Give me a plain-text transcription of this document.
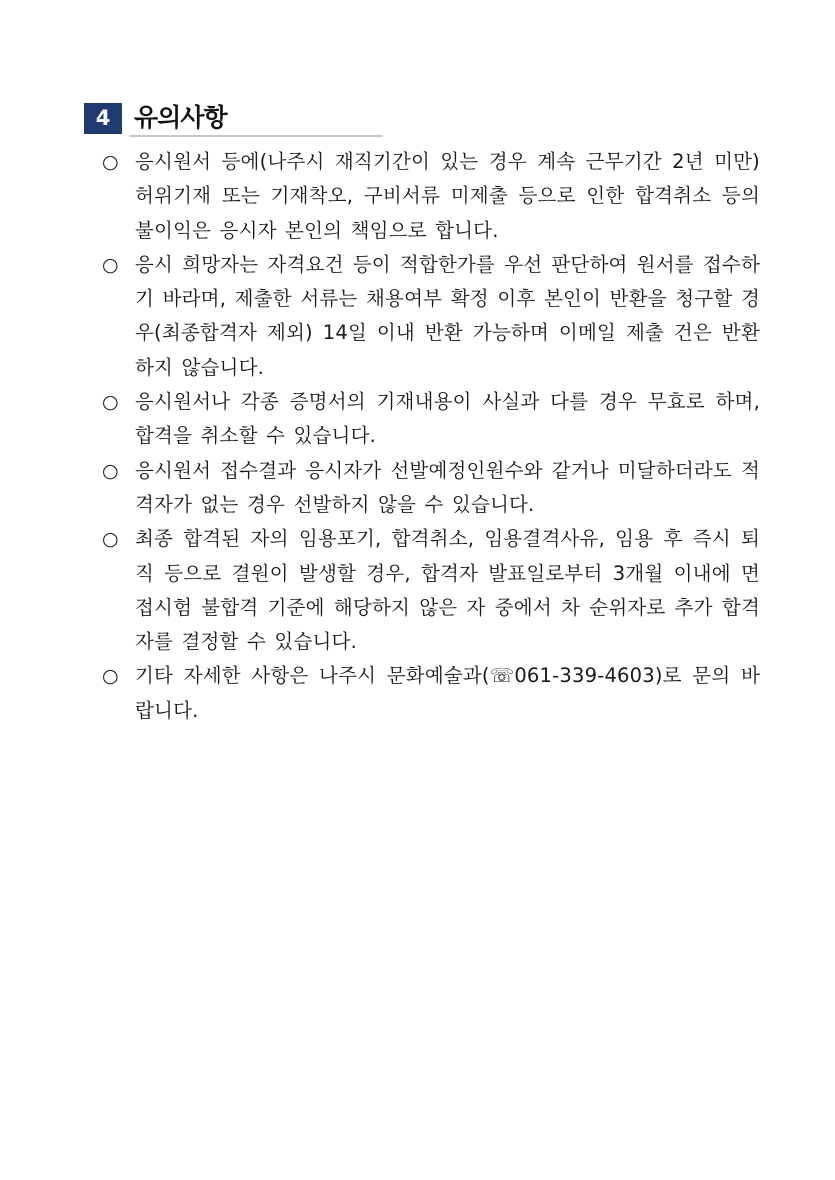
4 유의사항
○ 응시원서 등에(나주시 재직기간이 있는 경우 계속 근무기간 2년 미만) 허위기재 또는 기재착오, 구비서류 미제출 등으로 인한 합격취소 등의 불이익은 응시자 본인의 책임으로 합니다.
○ 응시 희망자는 자격요건 등이 적합한가를 우선 판단하여 원서를 접수하기 바라며, 제출한 서류는 채용여부 확정 이후 본인이 반환을 청구할 경우(최종합격자 제외) 14일 이내 반환 가능하며 이메일 제출 건은 반환하지 않습니다.
○ 응시원서나 각종 증명서의 기재내용이 사실과 다를 경우 무효로 하며, 합격을 취소할 수 있습니다.
○ 응시원서 접수결과 응시자가 선발예정인원수와 같거나 미달하더라도 적격자가 없는 경우 선발하지 않을 수 있습니다.
○ 최종 합격된 자의 임용포기, 합격취소, 임용결격사유, 임용 후 즉시 퇴직 등으로 결원이 발생할 경우, 합격자 발표일로부터 3개월 이내에 면접시험 불합격 기준에 해당하지 않은 자 중에서 차 순위자로 추가 합격자를 결정할 수 있습니다.
○ 기타 자세한 사항은 나주시 문화예술과(☏061-339-4603)로 문의 바랍니다.
